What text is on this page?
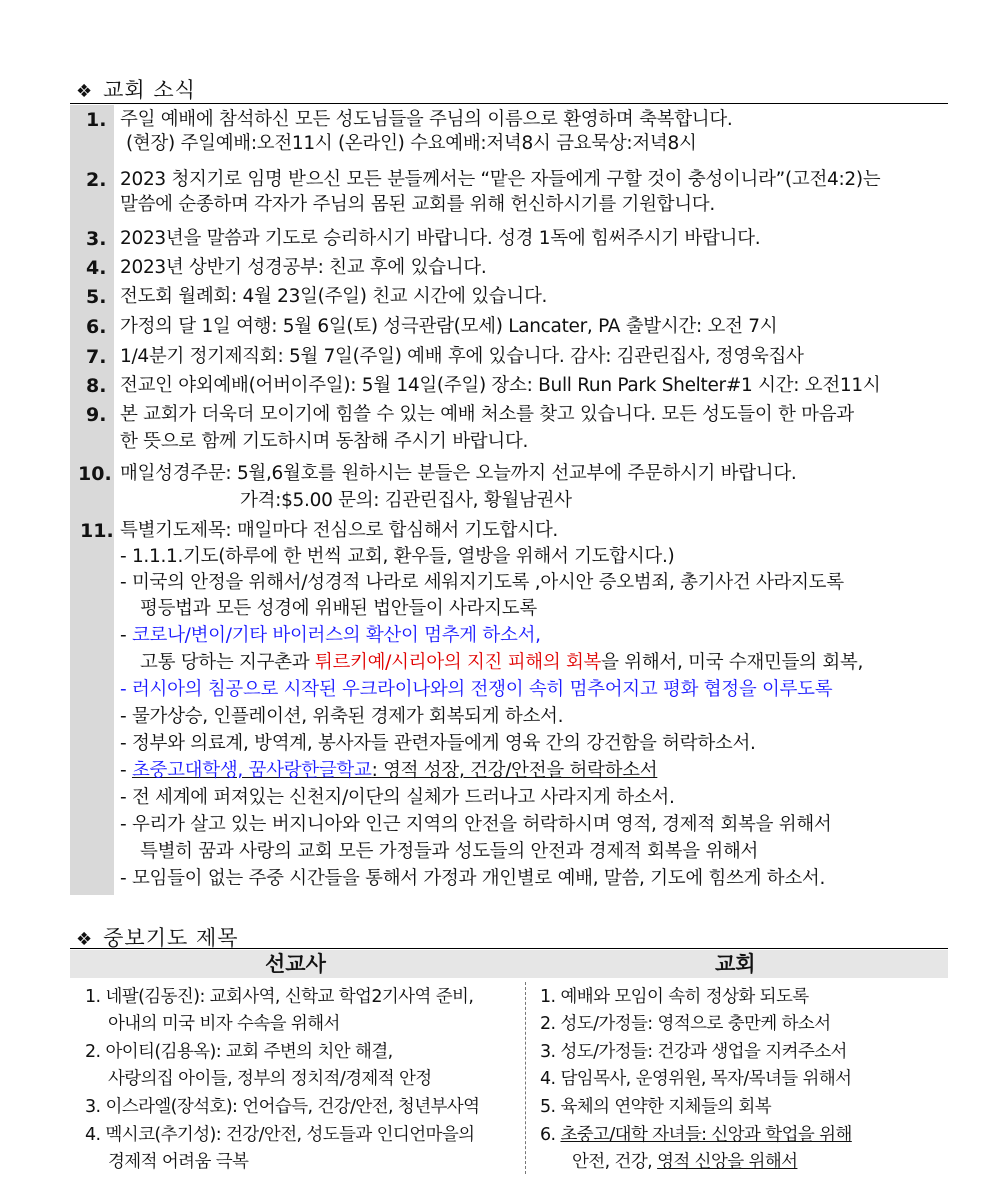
❖ 교회 소식
1. 주일 예배에 참석하신 모든 성도님들을 주님의 이름으로 환영하며 축복합니다.
(현장) 주일예배:오전11시 (온라인) 수요예배:저녁8시 금요묵상:저녁8시
2. 2023 청지기로 임명 받으신 모든 분들께서는 “맡은 자들에게 구할 것이 충성이니라”(고전4:2)는
말씀에 순종하며 각자가 주님의 몸된 교회를 위해 헌신하시기를 기원합니다.
3. 2023년을 말씀과 기도로 승리하시기 바랍니다. 성경 1독에 힘써주시기 바랍니다.
4. 2023년 상반기 성경공부: 친교 후에 있습니다.
5. 전도회 월례회: 4월 23일(주일) 친교 시간에 있습니다.
6. 가정의 달 1일 여행: 5월 6일(토) 성극관람(모세) Lancater, PA 출발시간: 오전 7시
7. 1/4분기 정기제직회: 5월 7일(주일) 예배 후에 있습니다. 감사: 김관린집사, 정영욱집사
8. 전교인 야외예배(어버이주일): 5월 14일(주일) 장소: Bull Run Park Shelter#1 시간: 오전11시
9. 본 교회가 더욱더 모이기에 힘쓸 수 있는 예배 처소를 찾고 있습니다. 모든 성도들이 한 마음과
한 뜻으로 함께 기도하시며 동참해 주시기 바랍니다.
10. 매일성경주문: 5월,6월호를 원하시는 분들은 오늘까지 선교부에 주문하시기 바랍니다.
가격:$5.00 문의: 김관린집사, 황월남권사
11. 특별기도제목: 매일마다 전심으로 합심해서 기도합시다.
- 1.1.1.기도(하루에 한 번씩 교회, 환우들, 열방을 위해서 기도합시다.)
- 미국의 안정을 위해서/성경적 나라로 세워지기도록 ,아시안 증오범죄, 총기사건 사라지도록
평등법과 모든 성경에 위배된 법안들이 사라지도록
- 코로나/변이/기타 바이러스의 확산이 멈추게 하소서,
고통 당하는 지구촌과 튀르키예/시리아의 지진 피해의 회복을 위해서, 미국 수재민들의 회복,
- 러시아의 침공으로 시작된 우크라이나와의 전쟁이 속히 멈추어지고 평화 협정을 이루도록
- 물가상승, 인플레이션, 위축된 경제가 회복되게 하소서.
- 정부와 의료계, 방역계, 봉사자들 관련자들에게 영육 간의 강건함을 허락하소서.
- 초중고대학생, 꿈사랑한글학교: 영적 성장, 건강/안전을 허락하소서
- 전 세계에 퍼져있는 신천지/이단의 실체가 드러나고 사라지게 하소서.
- 우리가 살고 있는 버지니아와 인근 지역의 안전을 허락하시며 영적, 경제적 회복을 위해서
특별히 꿈과 사랑의 교회 모든 가정들과 성도들의 안전과 경제적 회복을 위해서
- 모임들이 없는 주중 시간들을 통해서 가정과 개인별로 예배, 말씀, 기도에 힘쓰게 하소서.
❖ 중보기도 제목
선교사	교회
1. 네팔(김동진): 교회사역, 신학교 학업2기사역 준비,
아내의 미국 비자 수속을 위해서
2. 아이티(김용옥): 교회 주변의 치안 해결,
사랑의집 아이들, 정부의 정치적/경제적 안정
3. 이스라엘(장석호): 언어습득, 건강/안전, 청년부사역
4. 멕시코(추기성): 건강/안전, 성도들과 인디언마을의
경제적 어려움 극복
1. 예배와 모임이 속히 정상화 되도록
2. 성도/가정들: 영적으로 충만케 하소서
3. 성도/가정들: 건강과 생업을 지켜주소서
4. 담임목사, 운영위원, 목자/목녀들 위해서
5. 육체의 연약한 지체들의 회복
6. 초중고/대학 자녀들: 신앙과 학업을 위해
안전, 건강, 영적 신앙을 위해서
